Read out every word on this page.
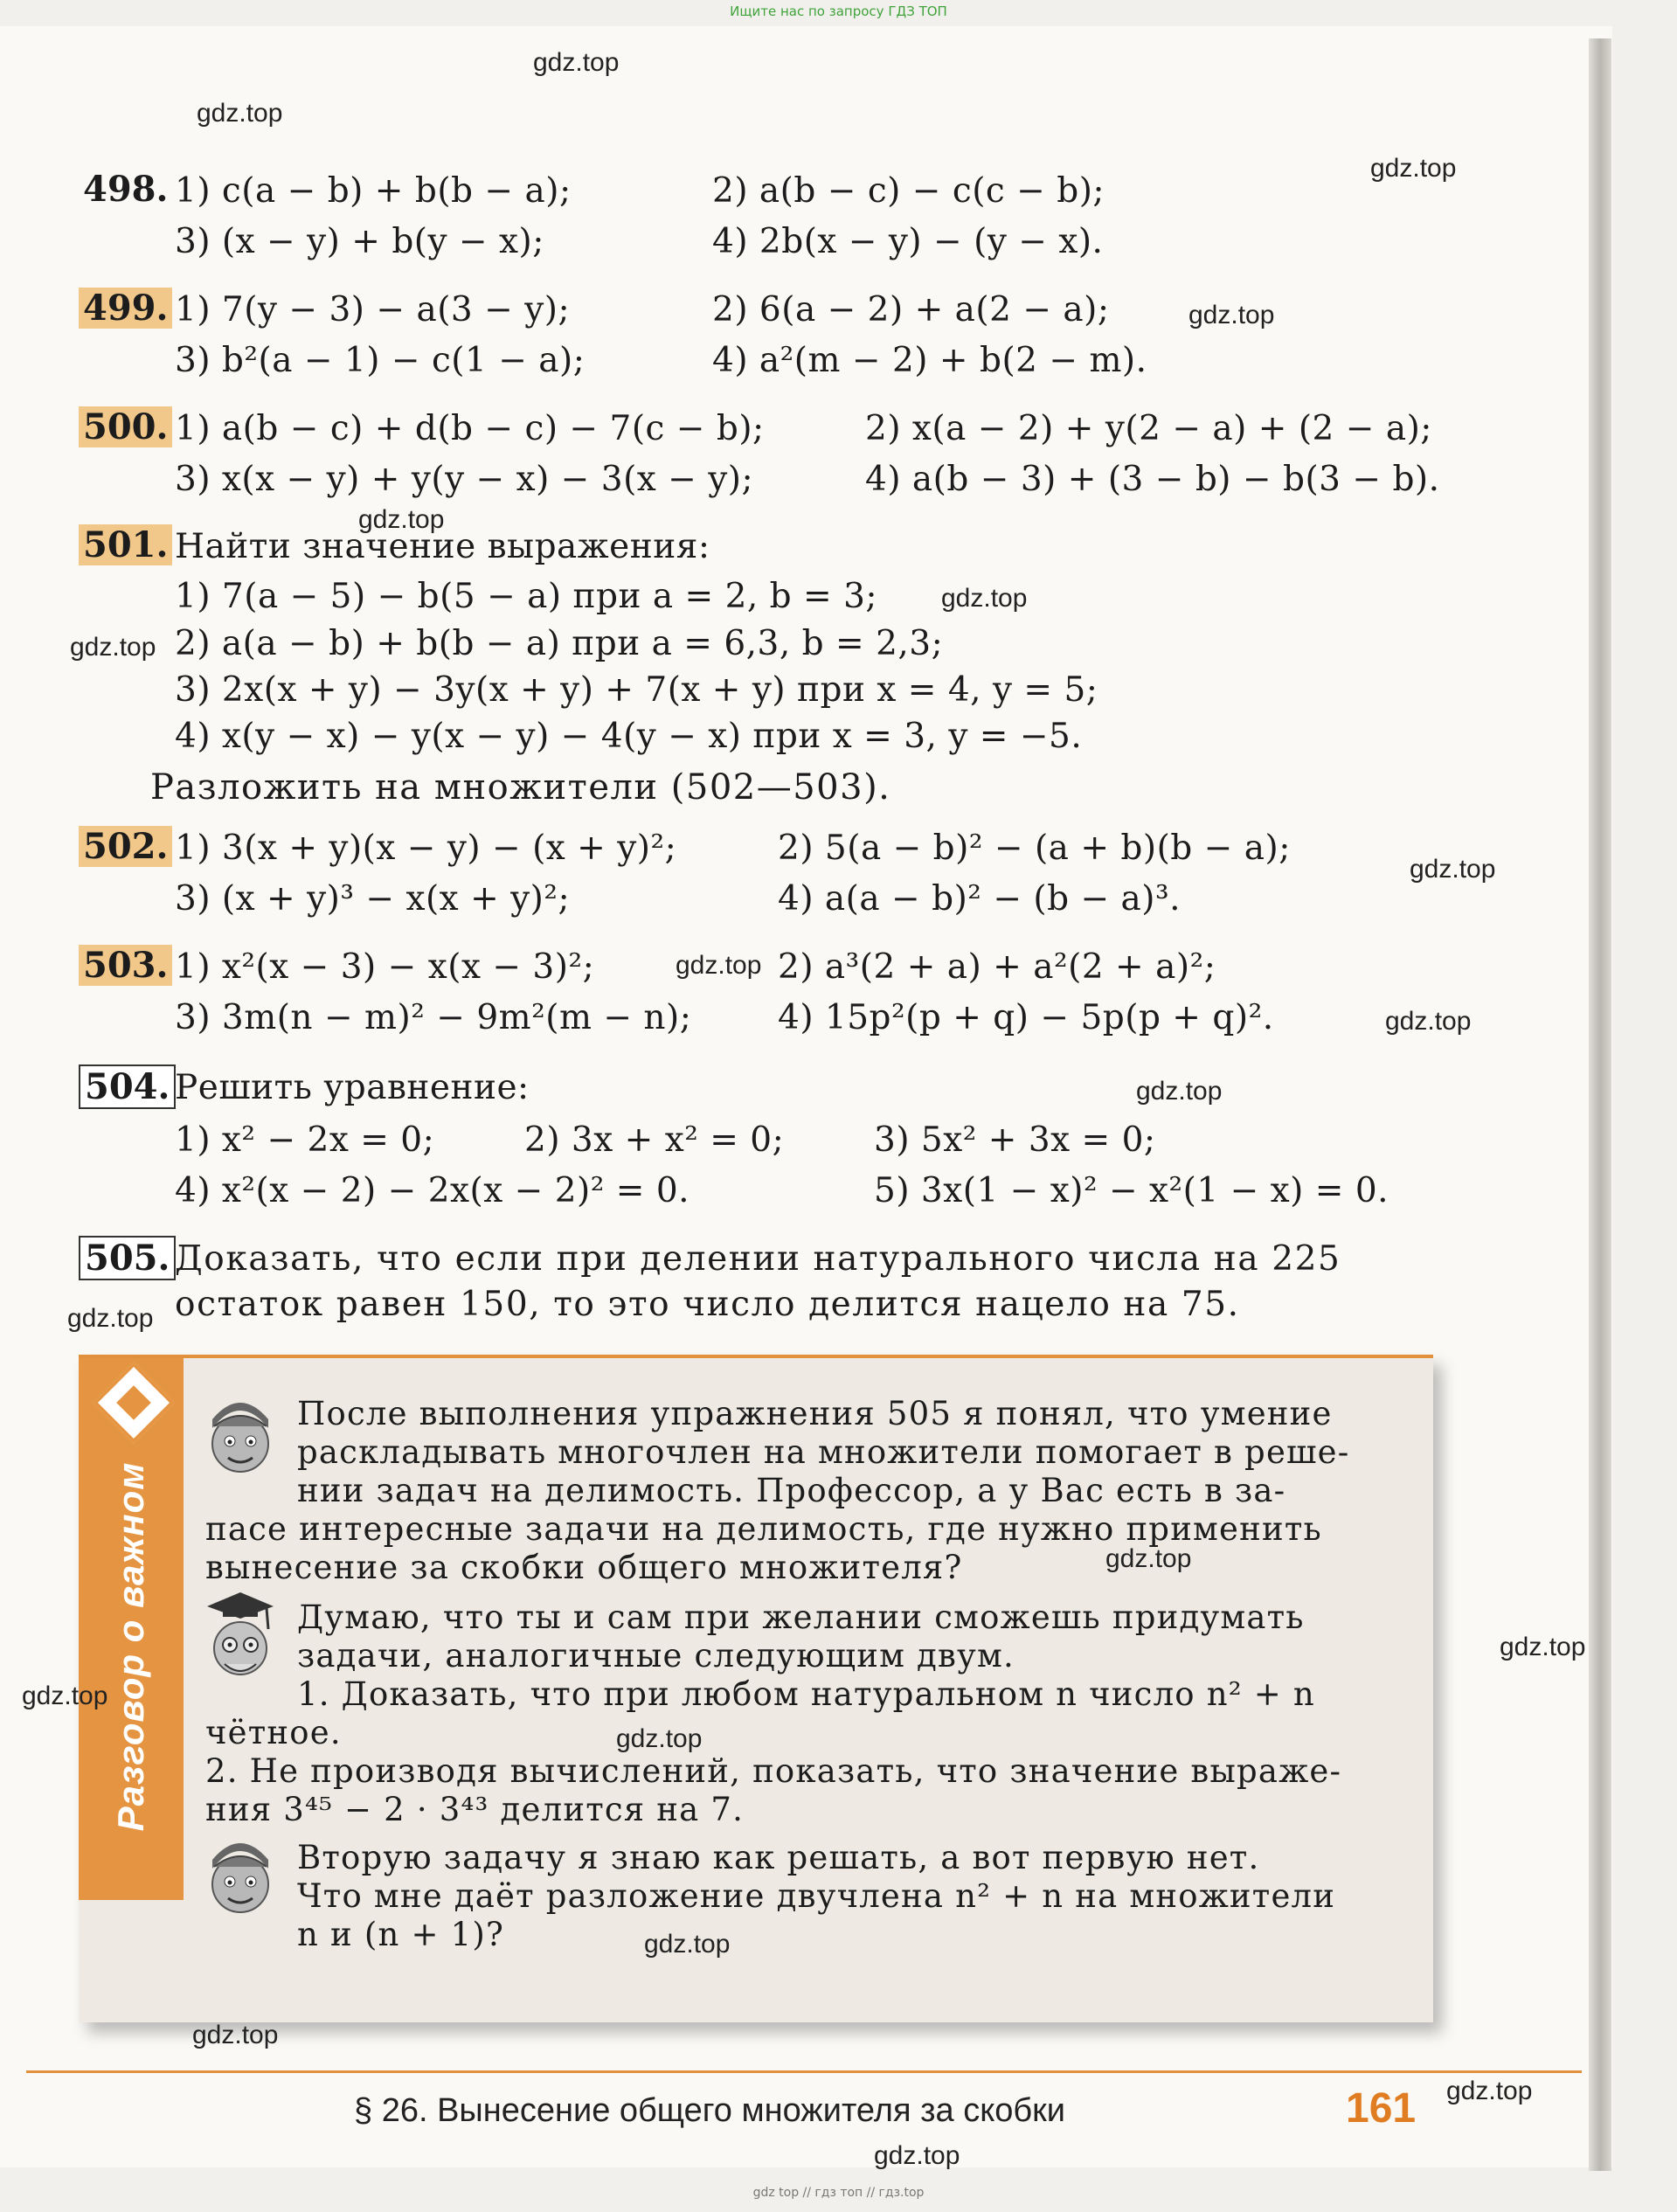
Ищите нас по запросу ГДЗ ТОП
498. 1) c(a − b) + b(b − a);	2) a(b − c) − c(c − b);
3) (x − y) + b(y − x);	4) 2b(x − y) − (y − x).
499. 1) 7(y − 3) − a(3 − y);	2) 6(a − 2) + a(2 − a);
3) b²(a − 1) − c(1 − a);	4) a²(m − 2) + b(2 − m).
500. 1) a(b − c) + d(b − c) − 7(c − b);	2) x(a − 2) + y(2 − a) + (2 − a);
3) x(x − y) + y(y − x) − 3(x − y);	4) a(b − 3) + (3 − b) − b(3 − b).
501. Найти значение выражения:
1) 7(a − 5) − b(5 − a) при a = 2, b = 3;
2) a(a − b) + b(b − a) при a = 6,3, b = 2,3;
3) 2x(x + y) − 3y(x + y) + 7(x + y) при x = 4, y = 5;
4) x(y − x) − y(x − y) − 4(y − x) при x = 3, y = −5.
Разложить на множители (502—503).
502. 1) 3(x + y)(x − y) − (x + y)²;	2) 5(a − b)² − (a + b)(b − a);
3) (x + y)³ − x(x + y)²;	4) a(a − b)² − (b − a)³.
503. 1) x²(x − 3) − x(x − 3)²;	2) a³(2 + a) + a²(2 + a)²;
3) 3m(n − m)² − 9m²(m − n);	4) 15p²(p + q) − 5p(p + q)².
504. Решить уравнение:
1) x² − 2x = 0;	2) 3x + x² = 0;	3) 5x² + 3x = 0;
4) x²(x − 2) − 2x(x − 2)² = 0.	5) 3x(1 − x)² − x²(1 − x) = 0.
505. Доказать, что если при делении натурального числа на 225
остаток равен 150, то это число делится нацело на 75.
Разговор о важном
После выполнения упражнения 505 я понял, что умение
раскладывать многочлен на множители помогает в реше-
нии задач на делимость. Профессор, а у Вас есть в за-
пасе интересные задачи на делимость, где нужно применить
вынесение за скобки общего множителя?
Думаю, что ты и сам при желании сможешь придумать
задачи, аналогичные следующим двум.
1. Доказать, что при любом натуральном n число n² + n
чётное.
2. Не производя вычислений, показать, что значение выраже-
ния 3⁴⁵ − 2 · 3⁴³ делится на 7.
Вторую задачу я знаю как решать, а вот первую нет.
Что мне даёт разложение двучлена n² + n на множители
n и (n + 1)?
§ 26. Вынесение общего множителя за скобки	161
gdz.top
gdz.top
gdz.top
gdz.top
gdz.top
gdz.top
gdz.top
gdz.top
gdz.top
gdz.top
gdz.top
gdz.top
gdz.top
gdz.top
gdz.top
gdz.top
gdz.top
gdz.top
gdz.top
gdz.top
gdz top // гдз топ // гдз.top
